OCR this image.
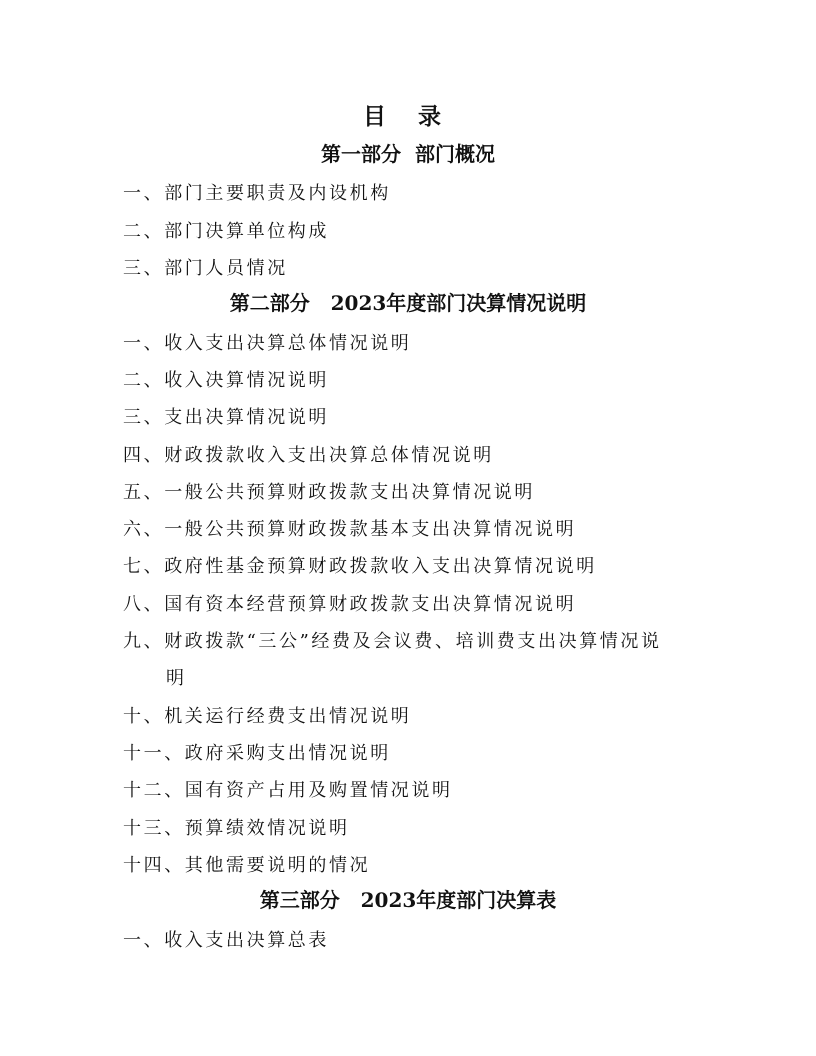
目 录
第一部分  部门概况
一、部门主要职责及内设机构
二、部门决算单位构成
三、部门人员情况
第二部分   2023年度部门决算情况说明
一、收入支出决算总体情况说明
二、收入决算情况说明
三、支出决算情况说明
四、财政拨款收入支出决算总体情况说明
五、一般公共预算财政拨款支出决算情况说明
六、一般公共预算财政拨款基本支出决算情况说明
七、政府性基金预算财政拨款收入支出决算情况说明
八、国有资本经营预算财政拨款支出决算情况说明
九、财政拨款“三公”经费及会议费、培训费支出决算情况说
明
十、机关运行经费支出情况说明
十一、政府采购支出情况说明
十二、国有资产占用及购置情况说明
十三、预算绩效情况说明
十四、其他需要说明的情况
第三部分   2023年度部门决算表
一、收入支出决算总表
